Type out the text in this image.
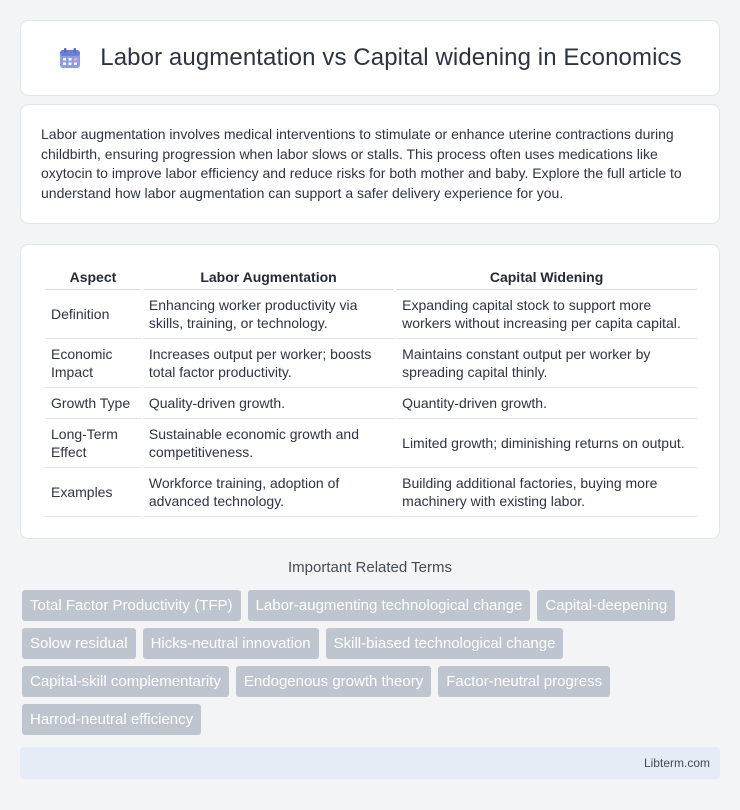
Labor augmentation vs Capital widening in Economics

Labor augmentation involves medical interventions to stimulate or enhance uterine contractions during childbirth, ensuring progression when labor slows or stalls. This process often uses medications like oxytocin to improve labor efficiency and reduce risks for both mother and baby. Explore the full article to understand how labor augmentation can support a safer delivery experience for you.

Aspect	Labor Augmentation	Capital Widening
Definition	Enhancing worker productivity via skills, training, or technology.	Expanding capital stock to support more workers without increasing per capita capital.
Economic Impact	Increases output per worker; boosts total factor productivity.	Maintains constant output per worker by spreading capital thinly.
Growth Type	Quality-driven growth.	Quantity-driven growth.
Long-Term Effect	Sustainable economic growth and competitiveness.	Limited growth; diminishing returns on output.
Examples	Workforce training, adoption of advanced technology.	Building additional factories, buying more machinery with existing labor.
Important Related Terms
Total Factor Productivity (TFP)	Labor-augmenting technological change	Capital-deepening
Solow residual	Hicks-neutral innovation	Skill-biased technological change
Capital-skill complementarity	Endogenous growth theory	Factor-neutral progress
Harrod-neutral efficiency
Libterm.com
